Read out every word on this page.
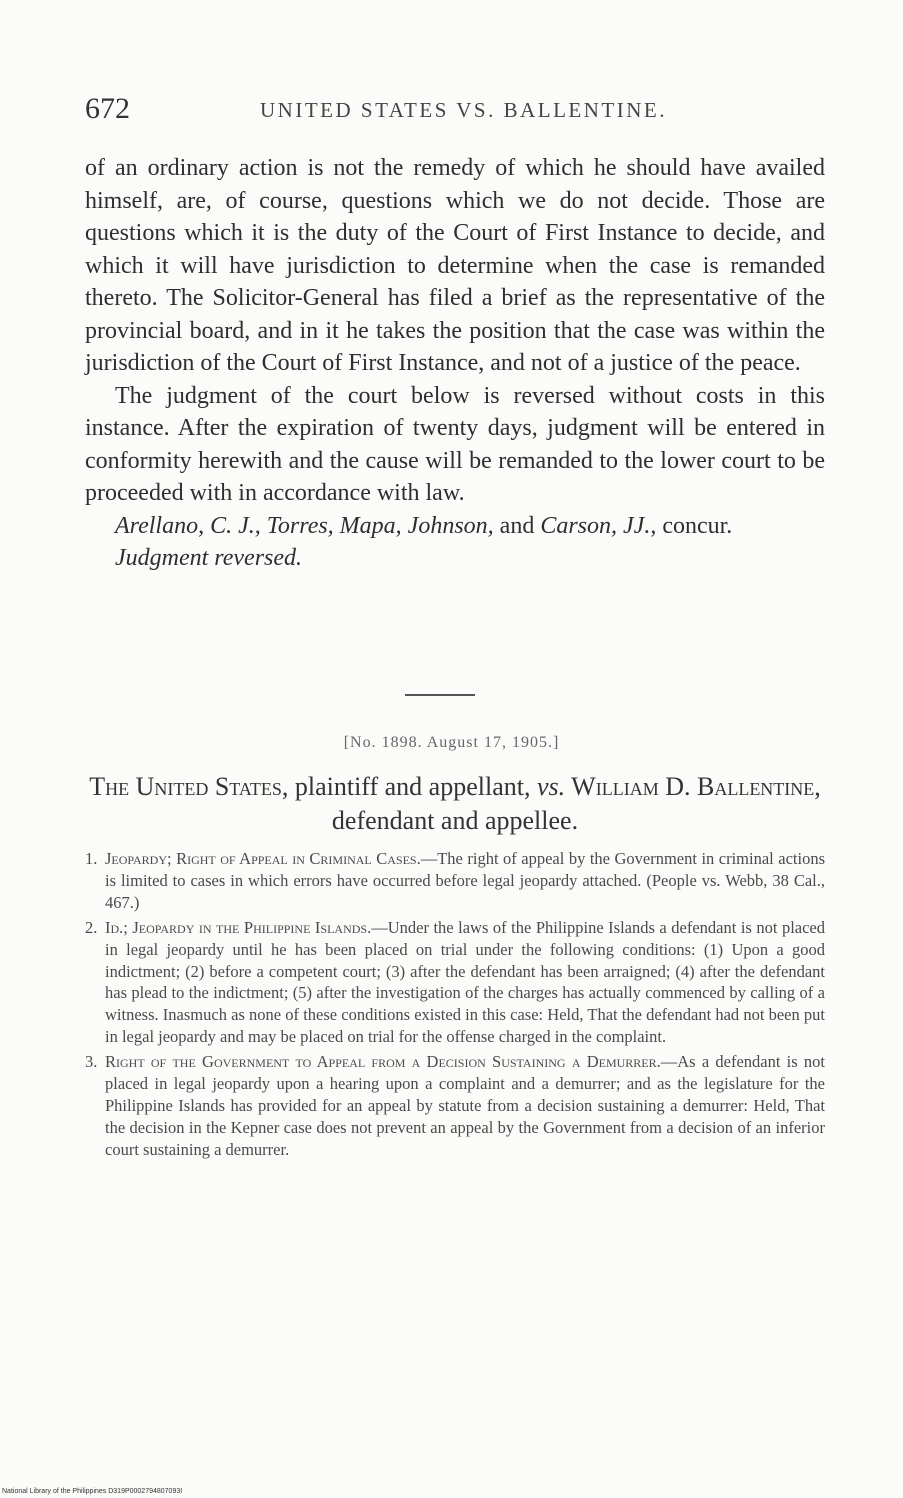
672	UNITED STATES VS. BALLENTINE.

of an ordinary action is not the remedy of which he should have availed himself, are, of course, questions which we do not decide. Those are questions which it is the duty of the Court of First Instance to decide, and which it will have jurisdiction to determine when the case is remanded thereto. The Solicitor-General has filed a brief as the representative of the provincial board, and in it he takes the position that the case was within the jurisdiction of the Court of First Instance, and not of a justice of the peace.

The judgment of the court below is reversed without costs in this instance. After the expiration of twenty days, judgment will be entered in conformity herewith and the cause will be remanded to the lower court to be proceeded with in accordance with law.

Arellano, C. J., Torres, Mapa, Johnson, and Carson, JJ., concur.

Judgment reversed.

[No. 1898. August 17, 1905.]
The United States, plaintiff and appellant, vs. William D. Ballentine, defendant and appellee.
1. Jeopardy; Right of Appeal in Criminal Cases.—The right of appeal by the Government in criminal actions is limited to cases in which errors have occurred before legal jeopardy attached. (People vs. Webb, 38 Cal., 467.)
2. Id.; Jeopardy in the Philippine Islands.—Under the laws of the Philippine Islands a defendant is not placed in legal jeopardy until he has been placed on trial under the following conditions: (1) Upon a good indictment; (2) before a competent court; (3) after the defendant has been arraigned; (4) after the defendant has plead to the indictment; (5) after the investigation of the charges has actually commenced by calling of a witness. Inasmuch as none of these conditions existed in this case: Held, That the defendant had not been put in legal jeopardy and may be placed on trial for the offense charged in the complaint.
3. Right of the Government to Appeal from a Decision Sustaining a Demurrer.—As a defendant is not placed in legal jeopardy upon a hearing upon a complaint and a demurrer; and as the legislature for the Philippine Islands has provided for an appeal by statute from a decision sustaining a demurrer: Held, That the decision in the Kepner case does not prevent an appeal by the Government from a decision of an inferior court sustaining a demurrer.
National Library of the Philippines D319P0002794807093I
